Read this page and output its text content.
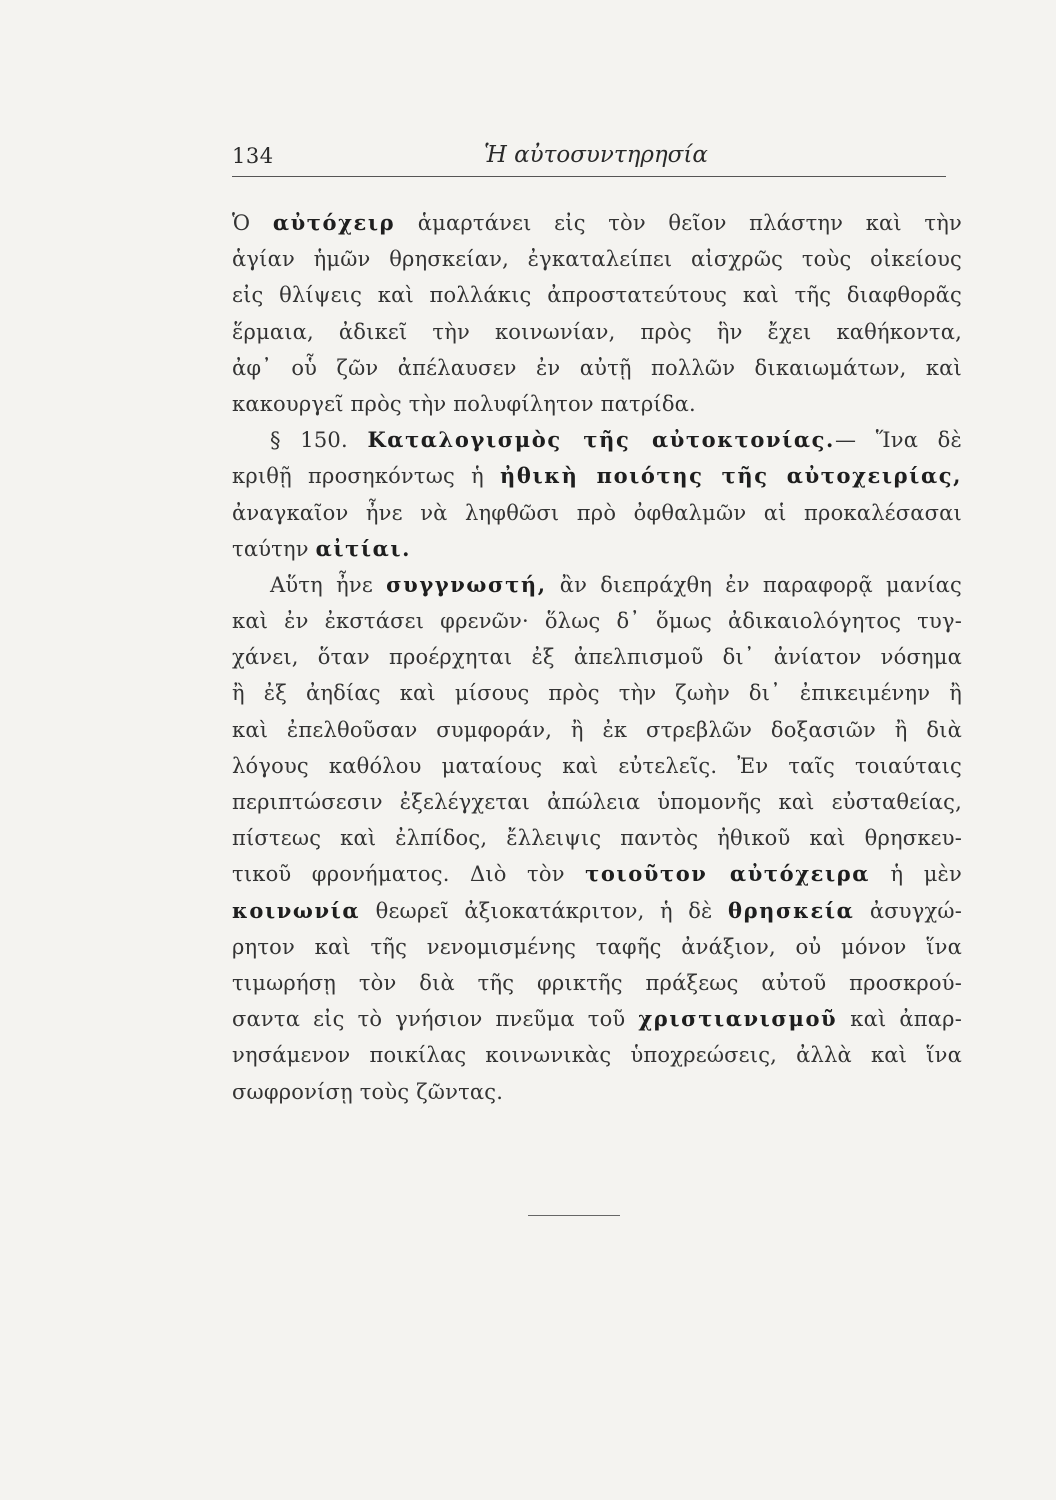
134	Ἡ αὐτοσυντηρησία
Ὁ αὐτόχειρ ἁμαρτάνει εἰς τὸν θεῖον πλάστην καὶ τὴν
ἁγίαν ἡμῶν θρησκείαν, ἐγκαταλείπει αἰσχρῶς τοὺς οἰκείους
εἰς θλίψεις καὶ πολλάκις ἀπροστατεύτους καὶ τῆς διαφθορᾶς
ἕρμαια, ἀδικεῖ τὴν κοινωνίαν, πρὸς ἣν ἔχει καθήκοντα,
ἀφ᾿ οὗ ζῶν ἀπέλαυσεν ἐν αὐτῇ πολλῶν δικαιωμάτων, καὶ
κακουργεῖ πρὸς τὴν πολυφίλητον πατρίδα.
§ 150. Καταλογισμὸς τῆς αὐτοκτονίας.— Ἵνα δὲ
κριθῇ προσηκόντως ἡ ἠθικὴ ποιότης τῆς αὐτοχειρίας,
ἀναγκαῖον ἦνε νὰ ληφθῶσι πρὸ ὀφθαλμῶν αἱ προκαλέσασαι
ταύτην αἰτίαι.
Αὕτη ἦνε συγγνωστή, ἂν διεπράχθη ἐν παραφορᾷ μανίας
καὶ ἐν ἐκστάσει φρενῶν· ὅλως δ᾿ ὅμως ἀδικαιολόγητος τυγ-
χάνει, ὅταν προέρχηται ἐξ ἀπελπισμοῦ δι᾿ ἀνίατον νόσημα
ἢ ἐξ ἀηδίας καὶ μίσους πρὸς τὴν ζωὴν δι᾿ ἐπικειμένην ἢ
καὶ ἐπελθοῦσαν συμφοράν, ἢ ἐκ στρεβλῶν δοξασιῶν ἢ διὰ
λόγους καθόλου ματαίους καὶ εὐτελεῖς. Ἐν ταῖς τοιαύταις
περιπτώσεσιν ἐξελέγχεται ἀπώλεια ὑπομονῆς καὶ εὐσταθείας,
πίστεως καὶ ἐλπίδος, ἔλλειψις παντὸς ἠθικοῦ καὶ θρησκευ-
τικοῦ φρονήματος. Διὸ τὸν τοιοῦτον αὐτόχειρα ἡ μὲν
κοινωνία θεωρεῖ ἀξιοκατάκριτον, ἡ δὲ θρησκεία ἀσυγχώ-
ρητον καὶ τῆς νενομισμένης ταφῆς ἀνάξιον, οὐ μόνον ἵνα
τιμωρήσῃ τὸν διὰ τῆς φρικτῆς πράξεως αὐτοῦ προσκρού-
σαντα εἰς τὸ γνήσιον πνεῦμα τοῦ χριστιανισμοῦ καὶ ἀπαρ-
νησάμενον ποικίλας κοινωνικὰς ὑποχρεώσεις, ἀλλὰ καὶ ἵνα
σωφρονίσῃ τοὺς ζῶντας.
